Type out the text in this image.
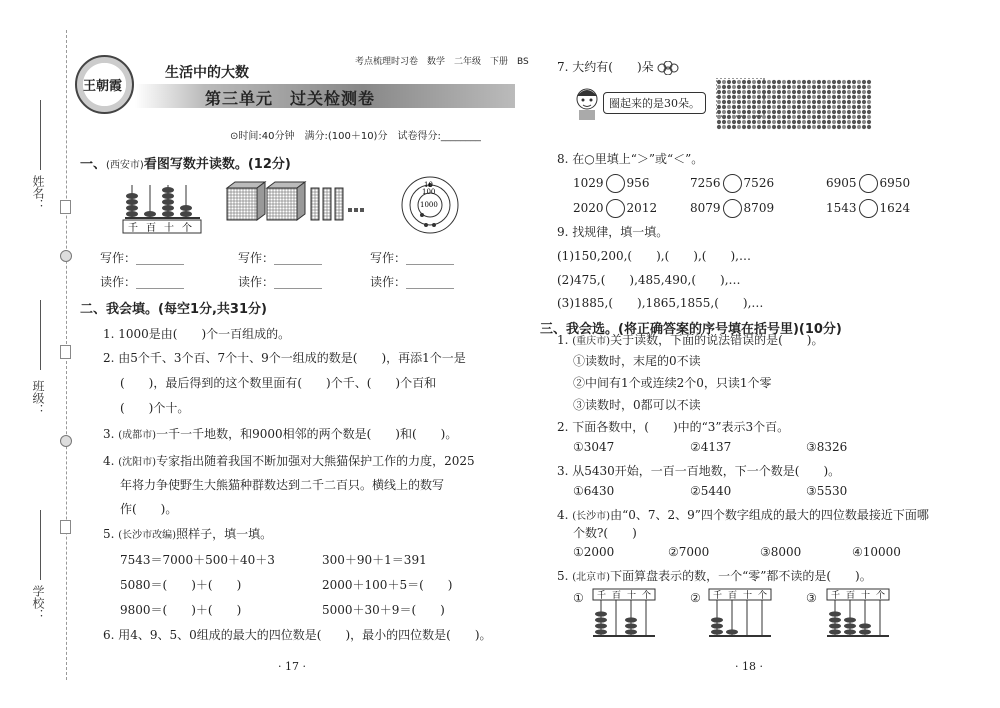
姓名：
班级：
学校：
王朝霞
生活中的大数
考点梳理时习卷　数学　二年级　下册　BS
第三单元　过关检测卷
⊙时间:40分钟　满分:(100＋10)分　试卷得分:________
一、(西安市)看图写数并读数。(12分)
千 百 十 个
10
100
1000
写作：________	写作：________	写作：________
读作：________	读作：________	读作：________
二、我会填。(每空1分,共31分)
1. 1000是由(　　)个一百组成的。
2. 由5个千、3个百、7个十、9个一组成的数是(　　)，再添1个一是
(　　)，最后得到的这个数里面有(　　)个千、(　　)个百和
(　　)个十。
3. (成都市)一千一千地数，和9000相邻的两个数是(　　)和(　　)。
4. (沈阳市)专家指出随着我国不断加强对大熊猫保护工作的力度，2025
年将力争使野生大熊猫种群数达到二千二百只。横线上的数写
作(　　)。
5. (长沙市改编)照样子，填一填。
7543＝7000＋500＋40＋3	300＋90＋1＝391
5080＝(　　)＋(　　)	2000＋100＋5＝(　　)
9800＝(　　)＋(　　)	5000＋30＋9＝(　　)
6. 用4、9、5、0组成的最大的四位数是(　　)，最小的四位数是(　　)。
· 17 ·
7. 大约有(　　)朵
圈起来的是30朵。
8. 在○里填上“＞”或“＜”。
1029 956	7256 7526	6905 6950
2020 2012	8079 8709	1543 1624
9. 找规律，填一填。
(1)150,200,(　　),(　　),(　　),…
(2)475,(　　),485,490,(　　),…
(3)1885,(　　),1865,1855,(　　),…
三、我会选。(将正确答案的序号填在括号里)(10分)
1. (重庆市)关于读数，下面的说法错误的是(　　)。
①读数时，末尾的0不读
②中间有1个或连续2个0，只读1个零
③读数时，0都可以不读
2. 下面各数中，(　　)中的“3”表示3个百。
①3047	②4137	③8326
3. 从5430开始，一百一百地数，下一个数是(　　)。
①6430	②5440	③5530
4. (长沙市)由“0、7、2、9”四个数字组成的最大的四位数最接近下面哪
个数?(　　)
①2000	②7000	③8000	④10000
5. (北京市)下面算盘表示的数，一个“零”都不读的是(　　)。
①	②	③
千 百 十 个	千 百 十 个	千 百 十 个
· 18 ·
